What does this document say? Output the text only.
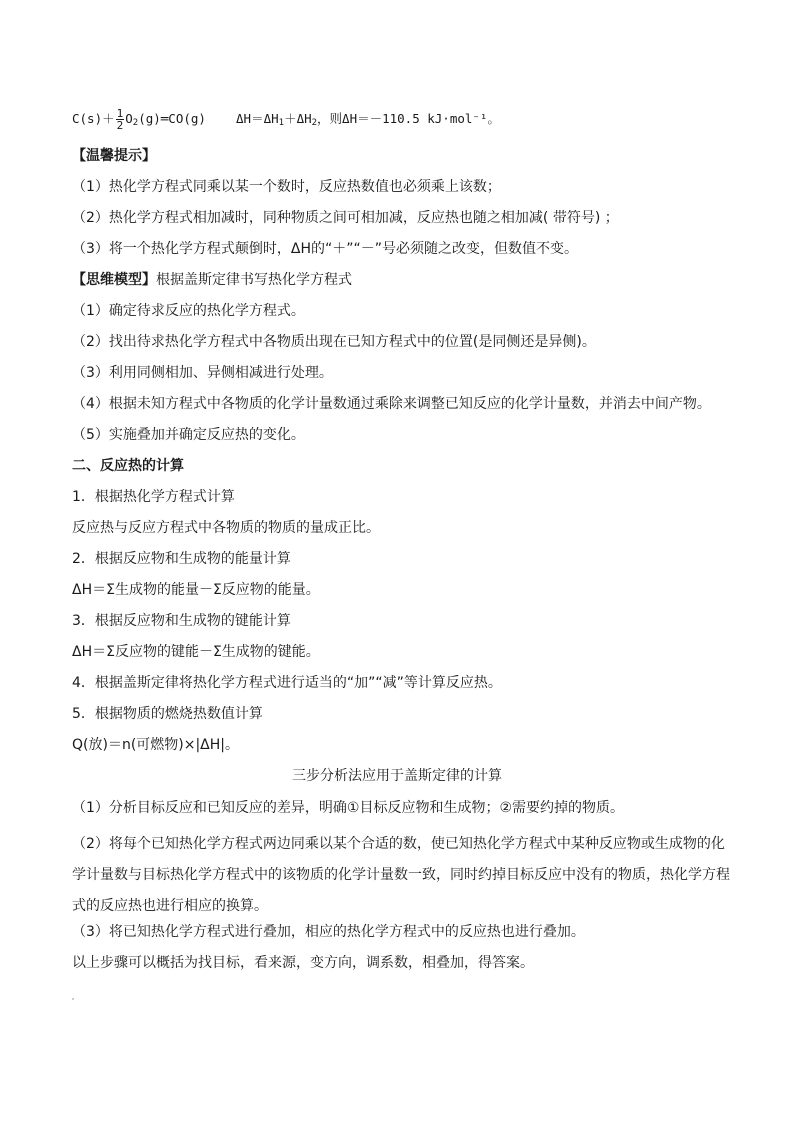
$C(s)+ \frac{1}{2}$ $O_2(g)═CO(g)$ $\Delta H=\Delta H_1+\Delta H_2$，则ΔH＝－110.5 kJ·mol⁻¹。
【温馨提示】
（1）热化学方程式同乘以某一个数时，反应热数值也必须乘上该数；
（2）热化学方程式相加减时，同种物质之间可相加减，反应热也随之相加减( 带符号) ；
（3）将一个热化学方程式颠倒时，ΔH的“＋”“－”号必须随之改变，但数值不变。
【思维模型】根据盖斯定律书写热化学方程式
（1）确定待求反应的热化学方程式。
（2）找出待求热化学方程式中各物质出现在已知方程式中的位置(是同侧还是异侧)。
（3）利用同侧相加、异侧相减进行处理。
（4）根据未知方程式中各物质的化学计量数通过乘除来调整已知反应的化学计量数，并消去中间产物。
（5）实施叠加并确定反应热的变化。
二、反应热的计算
1．根据热化学方程式计算
反应热与反应方程式中各物质的物质的量成正比。
2．根据反应物和生成物的能量计算
ΔH＝Σ生成物的能量－Σ反应物的能量。
3．根据反应物和生成物的键能计算
ΔH＝Σ反应物的键能－Σ生成物的键能。
4．根据盖斯定律将热化学方程式进行适当的“加”“减”等计算反应热。
5．根据物质的燃烧热数值计算
Q(放)＝n(可燃物)×|ΔH|。
三步分析法应用于盖斯定律的计算
（1）分析目标反应和已知反应的差异，明确①目标反应物和生成物；②需要约掉的物质。
（2）将每个已知热化学方程式两边同乘以某个合适的数，使已知热化学方程式中某种反应物或生成物的化学计量数与目标热化学方程式中的该物质的化学计量数一致，同时约掉目标反应中没有的物质，热化学方程式的反应热也进行相应的换算。
（3）将已知热化学方程式进行叠加，相应的热化学方程式中的反应热也进行叠加。
以上步骤可以概括为找目标，看来源，变方向，调系数，相叠加，得答案。
